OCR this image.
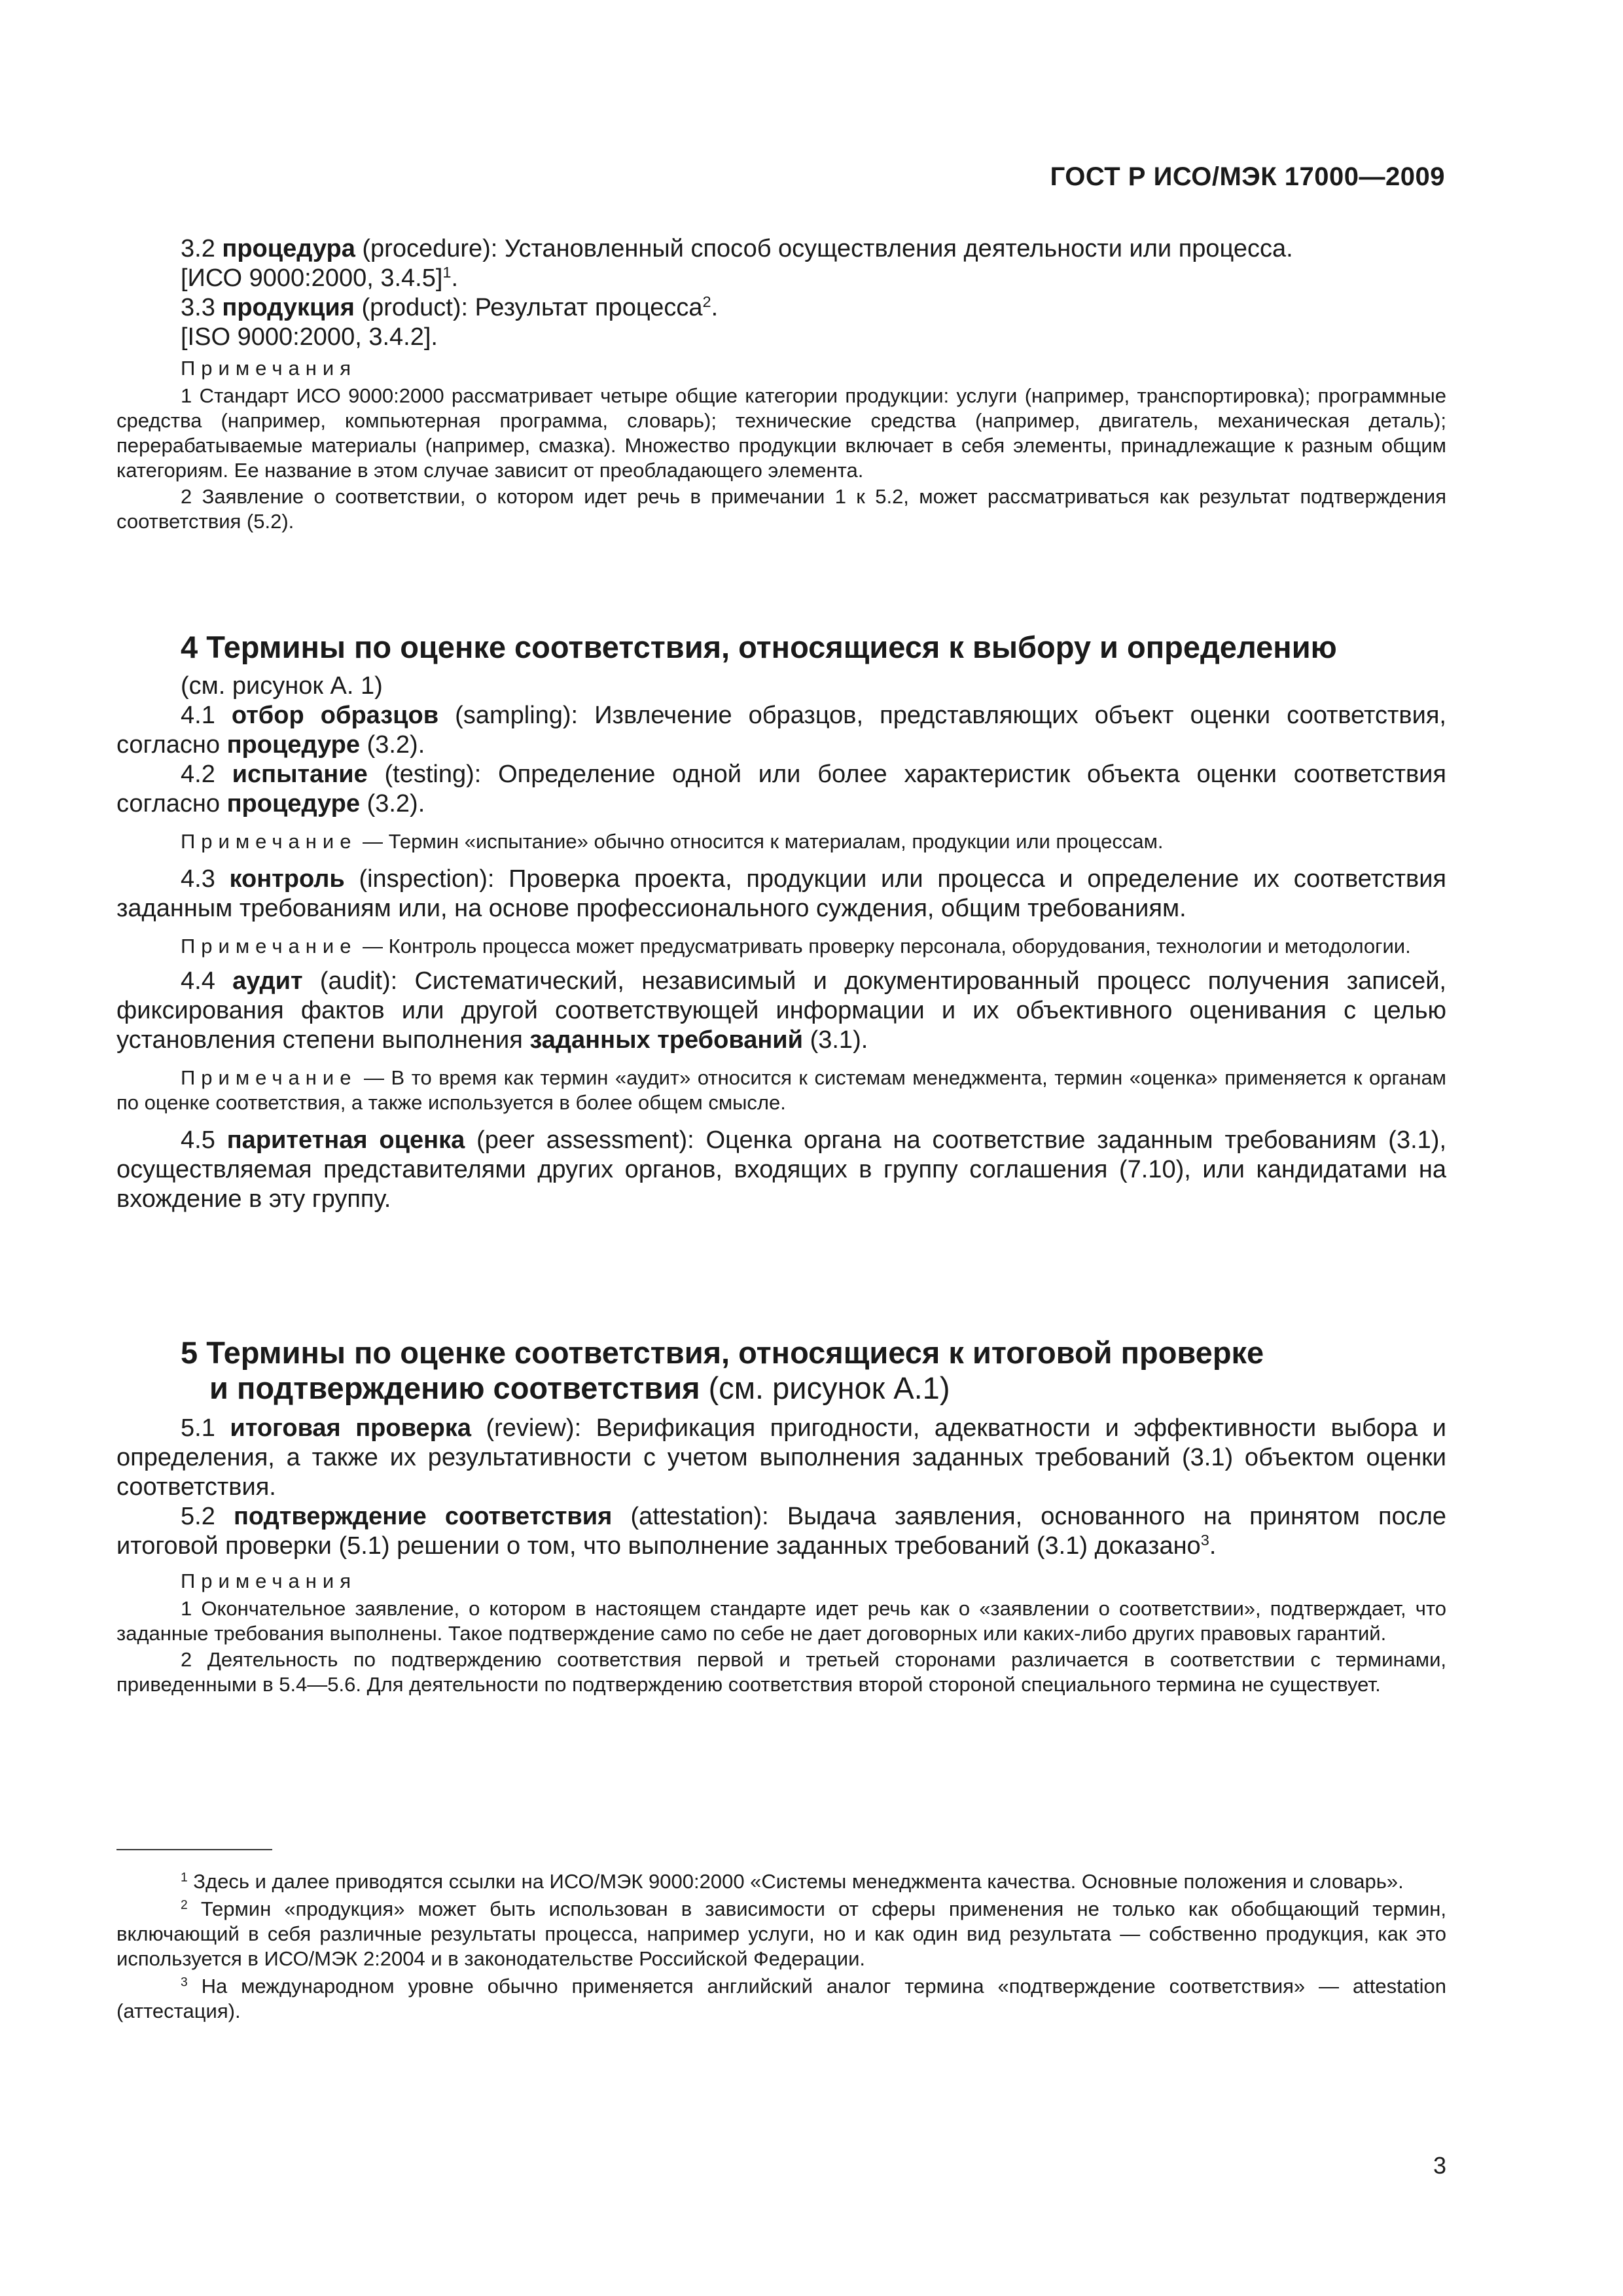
ГОСТ Р ИСО/МЭК 17000—2009

3.2 процедура (procedure): Установленный способ осуществления деятельности или процесса.

[ИСО 9000:2000, 3.4.5]$^1$.

3.3 продукция (product): Результат процесса$^2$.

[ISO 9000:2000, 3.4.2].

Примечания

1 Стандарт ИСО 9000:2000 рассматривает четыре общие категории продукции: услуги (например, транспортировка); программные средства (например, компьютерная программа, словарь); технические средства (например, двигатель, механическая деталь); перерабатываемые материалы (например, смазка). Множество продукции включает в себя элементы, принадлежащие к разным общим категориям. Ее название в этом случае зависит от преобладающего элемента.

2 Заявление о соответствии, о котором идет речь в примечании 1 к 5.2, может рассматриваться как результат подтверждения соответствия (5.2).

4 Термины по оценке соответствия, относящиеся к выбору и определению

(см. рисунок А. 1)

4.1 отбор образцов (sampling): Извлечение образцов, представляющих объект оценки соответствия, согласно процедуре (3.2).

4.2 испытание (testing): Определение одной или более характеристик объекта оценки соответствия согласно процедуре (3.2).

Примечание — Термин «испытание» обычно относится к материалам, продукции или процессам.

4.3 контроль (inspection): Проверка проекта, продукции или процесса и определение их соответствия заданным требованиям или, на основе профессионального суждения, общим требованиям.

Примечание — Контроль процесса может предусматривать проверку персонала, оборудования, технологии и методологии.

4.4 аудит (audit): Систематический, независимый и документированный процесс получения записей, фиксирования фактов или другой соответствующей информации и их объективного оценивания с целью установления степени выполнения заданных требований (3.1).

Примечание — В то время как термин «аудит» относится к системам менеджмента, термин «оценка» применяется к органам по оценке соответствия, а также используется в более общем смысле.

4.5 паритетная оценка (peer assessment): Оценка органа на соответствие заданным требованиям (3.1), осуществляемая представителями других органов, входящих в группу соглашения (7.10), или кандидатами на вхождение в эту группу.

5 Термины по оценке соответствия, относящиеся к итоговой проверке
и подтверждению соответствия (см. рисунок А.1)

5.1 итоговая проверка (review): Верификация пригодности, адекватности и эффективности выбора и определения, а также их результативности с учетом выполнения заданных требований (3.1) объектом оценки соответствия.

5.2 подтверждение соответствия (attestation): Выдача заявления, основанного на принятом после итоговой проверки (5.1) решении о том, что выполнение заданных требований (3.1) доказано$^3$.

Примечания

1 Окончательное заявление, о котором в настоящем стандарте идет речь как о «заявлении о соответствии», подтверждает, что заданные требования выполнены. Такое подтверждение само по себе не дает договорных или каких-либо других правовых гарантий.

2 Деятельность по подтверждению соответствия первой и третьей сторонами различается в соответствии с терминами, приведенными в 5.4—5.6. Для деятельности по подтверждению соответствия второй стороной специального термина не существует.

$^1$ Здесь и далее приводятся ссылки на ИСО/МЭК 9000:2000 «Системы менеджмента качества. Основные положения и словарь».

$^2$ Термин «продукция» может быть использован в зависимости от сферы применения не только как обобщающий термин, включающий в себя различные результаты процесса, например услуги, но и как один вид результата — собственно продукция, как это используется в ИСО/МЭК 2:2004 и в законодательстве Российской Федерации.

$^3$ На международном уровне обычно применяется английский аналог термина «подтверждение соответствия» — attestation (аттестация).

3
